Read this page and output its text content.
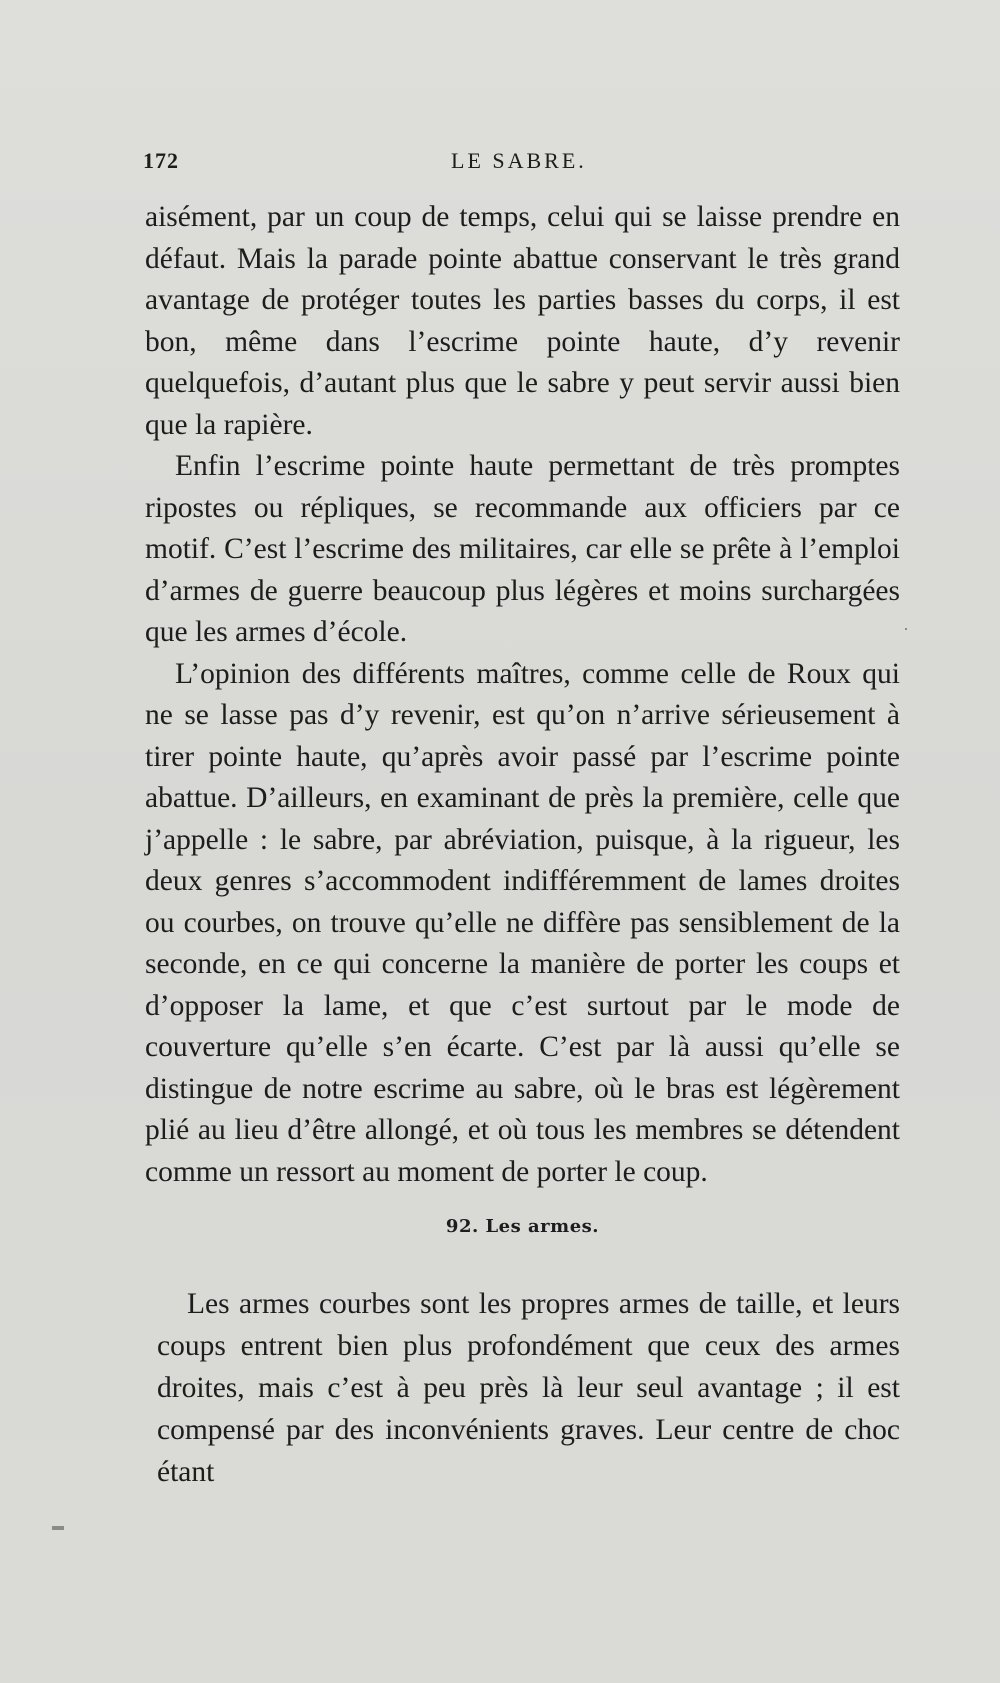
172	LE SABRE.

aisément, par un coup de temps, celui qui se laisse prendre en défaut. Mais la parade pointe abattue conservant le très grand avantage de protéger toutes les parties basses du corps, il est bon, même dans l’escrime pointe haute, d’y revenir quelquefois, d’autant plus que le sabre y peut servir aussi bien que la rapière.

Enfin l’escrime pointe haute permettant de très promptes ripostes ou répliques, se recommande aux officiers par ce motif. C’est l’escrime des militaires, car elle se prête à l’emploi d’armes de guerre beaucoup plus légères et moins surchargées que les armes d’école.

L’opinion des différents maîtres, comme celle de Roux qui ne se lasse pas d’y revenir, est qu’on n’arrive sérieusement à tirer pointe haute, qu’après avoir passé par l’escrime pointe abattue. D’ailleurs, en examinant de près la première, celle que j’appelle : le sabre, par abréviation, puisque, à la rigueur, les deux genres s’accommodent indifféremment de lames droites ou courbes, on trouve qu’elle ne diffère pas sensiblement de la seconde, en ce qui concerne la manière de porter les coups et d’opposer la lame, et que c’est surtout par le mode de couverture qu’elle s’en écarte. C’est par là aussi qu’elle se distingue de notre escrime au sabre, où le bras est légèrement plié au lieu d’être allongé, et où tous les membres se détendent comme un ressort au moment de porter le coup.

92. Les armes.

Les armes courbes sont les propres armes de taille, et leurs coups entrent bien plus profondément que ceux des armes droites, mais c’est à peu près là leur seul avantage ; il est compensé par des inconvénients graves. Leur centre de choc étant
